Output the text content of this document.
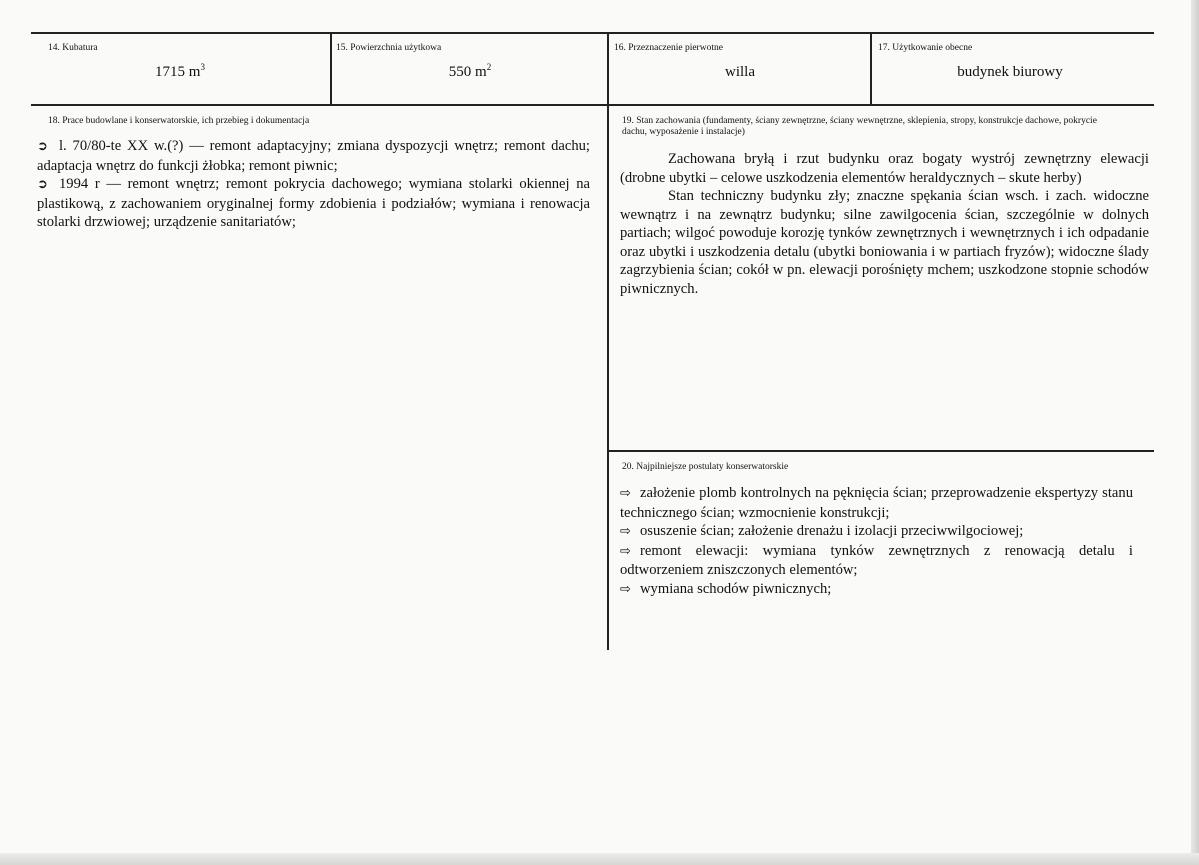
14. Kubatura
1715 $m^3$
15. Powierzchnia użytkowa
550 $m^2$
16. Przeznaczenie pierwotne
willa
17. Użytkowanie obecne
budynek biurowy
18. Prace budowlane i konserwatorskie, ich przebieg i dokumentacja
➲ l. 70/80-te XX w.(?) — remont adaptacyjny; zmiana dyspozycji wnętrz; remont dachu; adaptacja wnętrz do funkcji żłobka; remont piwnic;
➲ 1994 r — remont wnętrz; remont pokrycia dachowego; wymiana stolarki okiennej na plastikową, z zachowaniem oryginalnej formy zdobienia i podziałów; wymiana i renowacja stolarki drzwiowej; urządzenie sanitariatów;
19. Stan zachowania (fundamenty, ściany zewnętrzne, ściany wewnętrzne, sklepienia, stropy, konstrukcje dachowe, pokrycie dachu, wyposażenie i instalacje)
Zachowana bryłą i rzut budynku oraz bogaty wystrój zewnętrzny elewacji (drobne ubytki – celowe uszkodzenia elementów heraldycznych – skute herby)
Stan techniczny budynku zły; znaczne spękania ścian wsch. i zach. widoczne wewnątrz i na zewnątrz budynku; silne zawilgocenia ścian, szczególnie w dolnych partiach; wilgoć powoduje korozję tynków zewnętrznych i wewnętrznych i ich odpadanie oraz ubytki i uszkodzenia detalu (ubytki boniowania i w partiach fryzów); widoczne ślady zagrzybienia ścian; cokół w pn. elewacji porośnięty mchem; uszkodzone stopnie schodów piwnicznych.
20. Najpilniejsze postulaty konserwatorskie
⇨ założenie plomb kontrolnych na pęknięcia ścian; przeprowadzenie ekspertyzy stanu technicznego ścian; wzmocnienie konstrukcji;
⇨ osuszenie ścian; założenie drenażu i izolacji przeciwwilgociowej;
⇨ remont elewacji: wymiana tynków zewnętrznych z renowacją detalu i odtworzeniem zniszczonych elementów;
⇨ wymiana schodów piwnicznych;
